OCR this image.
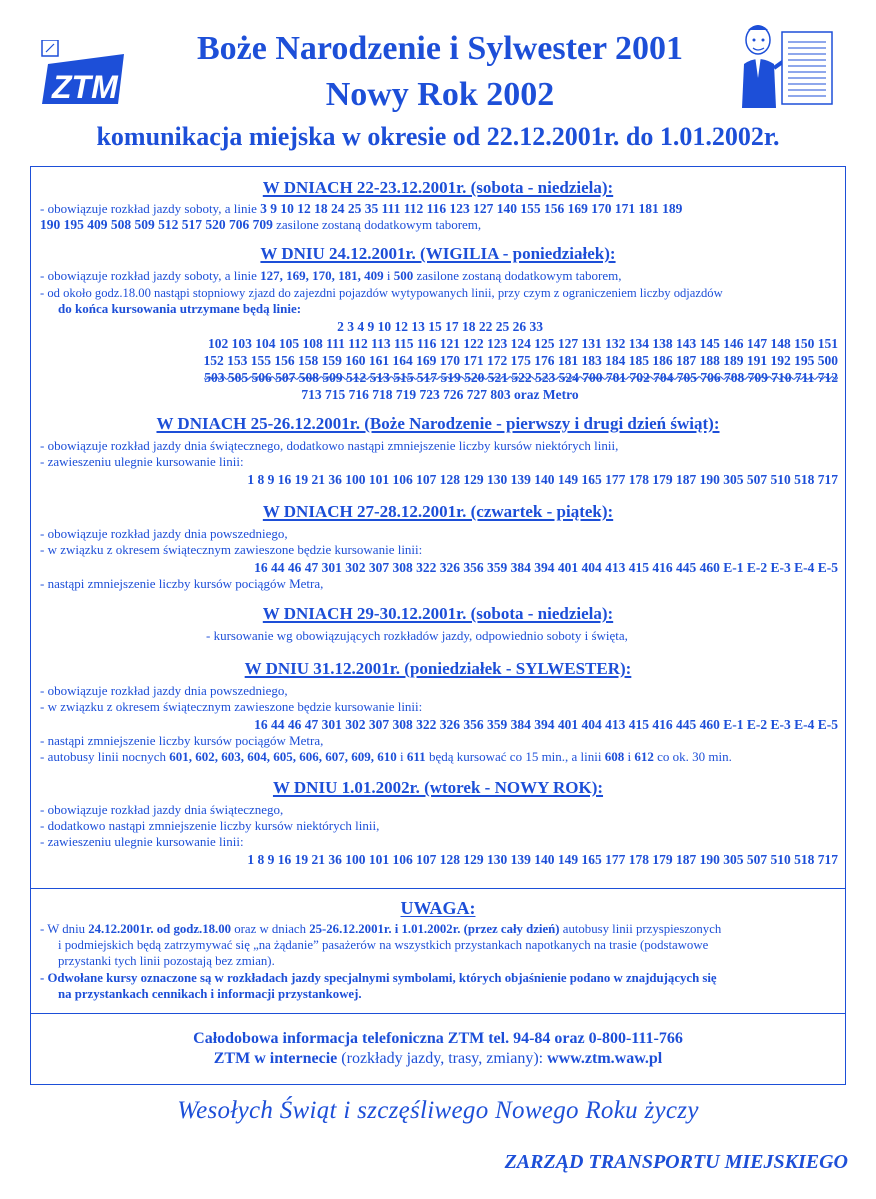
ZTM
Boże Narodzenie i Sylwester 2001
Nowy Rok 2002
komunikacja miejska w okresie od 22.12.2001r. do 1.01.2002r.
W DNIACH 22-23.12.2001r. (sobota - niedziela):
- obowiązuje rozkład jazdy soboty, a linie 3 9 10 12 18 24 25 35 111 112 116 123 127 140 155 156 169 170 171 181 189
190 195 409 508 509 512 517 520 706 709 zasilone zostaną dodatkowym taborem,
W DNIU 24.12.2001r. (WIGILIA - poniedziałek):
- obowiązuje rozkład jazdy soboty, a linie 127, 169, 170, 181, 409 i 500 zasilone zostaną dodatkowym taborem,
- od około godz.18.00 nastąpi stopniowy zjazd do zajezdni pojazdów wytypowanych linii, przy czym z ograniczeniem liczby odjazdów
do końca kursowania utrzymane będą linie:
2 3 4 9 10 12 13 15 17 18 22 25 26 33
102 103 104 105 108 111 112 113 115 116 121 122 123 124 125 127 131 132 134 138 143 145 146 147 148 150 151
152 153 155 156 158 159 160 161 164 169 170 171 172 175 176 181 183 184 185 186 187 188 189 191 192 195 500
503 505 506 507 508 509 512 513 515 517 519 520 521 522 523 524 700 701 702 704 705 706 708 709 710 711 712
713 715 716 718 719 723 726 727 803 oraz Metro
W DNIACH 25-26.12.2001r. (Boże Narodzenie - pierwszy i drugi dzień świąt):
- obowiązuje rozkład jazdy dnia świątecznego, dodatkowo nastąpi zmniejszenie liczby kursów niektórych linii,
- zawieszeniu ulegnie kursowanie linii:
1 8 9 16 19 21 36 100 101 106 107 128 129 130 139 140 149 165 177 178 179 187 190 305 507 510 518 717
W DNIACH 27-28.12.2001r. (czwartek - piątek):
- obowiązuje rozkład jazdy dnia powszedniego,
- w związku z okresem świątecznym zawieszone będzie kursowanie linii:
16 44 46 47 301 302 307 308 322 326 356 359 384 394 401 404 413 415 416 445 460 E-1 E-2 E-3 E-4 E-5
- nastąpi zmniejszenie liczby kursów pociągów Metra,
W DNIACH 29-30.12.2001r. (sobota - niedziela):
- kursowanie wg obowiązujących rozkładów jazdy, odpowiednio soboty i święta,
W DNIU 31.12.2001r. (poniedziałek - SYLWESTER):
- obowiązuje rozkład jazdy dnia powszedniego,
- w związku z okresem świątecznym zawieszone będzie kursowanie linii:
16 44 46 47 301 302 307 308 322 326 356 359 384 394 401 404 413 415 416 445 460 E-1 E-2 E-3 E-4 E-5
- nastąpi zmniejszenie liczby kursów pociągów Metra,
- autobusy linii nocnych 601, 602, 603, 604, 605, 606, 607, 609, 610 i 611 będą kursować co 15 min., a linii 608 i 612 co ok. 30 min.
W DNIU 1.01.2002r. (wtorek - NOWY ROK):
- obowiązuje rozkład jazdy dnia świątecznego,
- dodatkowo nastąpi zmniejszenie liczby kursów niektórych linii,
- zawieszeniu ulegnie kursowanie linii:
1 8 9 16 19 21 36 100 101 106 107 128 129 130 139 140 149 165 177 178 179 187 190 305 507 510 518 717
UWAGA:
- W dniu 24.12.2001r. od godz.18.00 oraz w dniach 25-26.12.2001r. i 1.01.2002r. (przez cały dzień) autobusy linii przyspieszonych
i podmiejskich będą zatrzymywać się „na żądanie” pasażerów na wszystkich przystankach napotkanych na trasie (podstawowe
przystanki tych linii pozostają bez zmian).
- Odwołane kursy oznaczone są w rozkładach jazdy specjalnymi symbolami, których objaśnienie podano w znajdujących się
na przystankach cennikach i informacji przystankowej.
Całodobowa informacja telefoniczna ZTM tel. 94-84 oraz 0-800-111-766
ZTM w internecie (rozkłady jazdy, trasy, zmiany): www.ztm.waw.pl
Wesołych Świąt i szczęśliwego Nowego Roku życzy
ZARZĄD TRANSPORTU MIEJSKIEGO
